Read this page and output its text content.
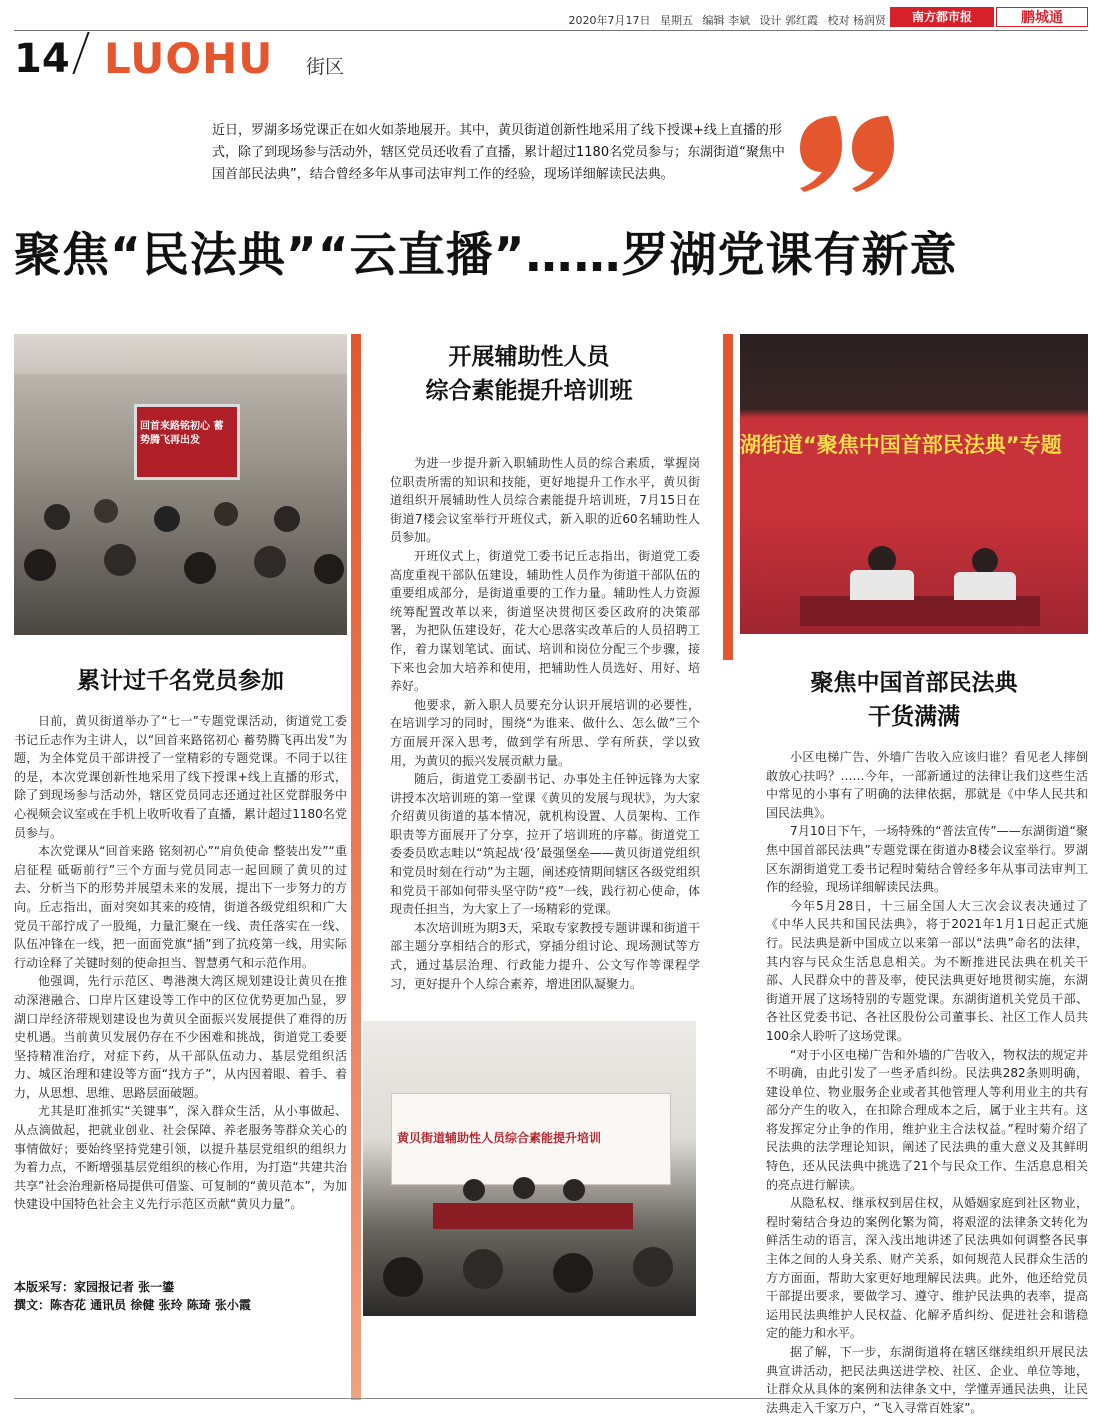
2020年7月17日 星期五 编辑 李斌 设计 郭红霞 校对 杨润贤	南方都市报	鹏城通
14 LUOHU 街区
近日，罗湖多场党课正在如火如荼地展开。其中，黄贝街道创新性地采用了线下授课+线上直播的形式，除了到现场参与活动外，辖区党员还收看了直播，累计超过1180名党员参与；东湖街道“聚焦中国首部民法典”，结合曾经多年从事司法审判工作的经验，现场详细解读民法典。
聚焦“民法典”“云直播”……罗湖党课有新意
回首来路铭初心 蓄势腾飞再出发	湖街道“聚焦中国首部民法典”专题
黄贝街道辅助性人员综合素能提升培训
累计过千名党员参加

日前，黄贝街道举办了“七一”专题党课活动，街道党工委书记丘志作为主讲人，以“回首来路铭初心 蓄势腾飞再出发”为题，为全体党员干部讲授了一堂精彩的专题党课。不同于以往的是，本次党课创新性地采用了线下授课+线上直播的形式，除了到现场参与活动外，辖区党员同志还通过社区党群服务中心视频会议室或在手机上收听收看了直播，累计超过1180名党员参与。

本次党课从“回首来路 铭刻初心”“肩负使命 整装出发”“重启征程 砥砺前行”三个方面与党员同志一起回顾了黄贝的过去、分析当下的形势并展望未来的发展，提出下一步努力的方向。丘志指出，面对突如其来的疫情，街道各级党组织和广大党员干部拧成了一股绳，力量汇聚在一线、责任落实在一线、队伍冲锋在一线，把一面面党旗“插”到了抗疫第一线，用实际行动诠释了关键时刻的使命担当、智慧勇气和示范作用。

他强调，先行示范区、粤港澳大湾区规划建设让黄贝在推动深港融合、口岸片区建设等工作中的区位优势更加凸显，罗湖口岸经济带规划建设也为黄贝全面振兴发展提供了难得的历史机遇。当前黄贝发展仍存在不少困难和挑战，街道党工委要坚持精准治疗，对症下药，从干部队伍动力、基层党组织活力、城区治理和建设等方面“找方子”，从内因着眼、着手、着力，从思想、思维、思路层面破题。

尤其是盯准抓实“关键事”，深入群众生活，从小事做起、从点滴做起，把就业创业、社会保障、养老服务等群众关心的事情做好；要始终坚持党建引领，以提升基层党组织的组织力为着力点，不断增强基层党组织的核心作用，为打造“共建共治共享”社会治理新格局提供可借鉴、可复制的“黄贝范本”，为加快建设中国特色社会主义先行示范区贡献“黄贝力量”。

本版采写：家园报记者 张一鎏
撰文：陈杏花 通讯员 徐健 张玲 陈琦 张小霞
开展辅助性人员
综合素能提升培训班

为进一步提升新入职辅助性人员的综合素质，掌握岗位职责所需的知识和技能，更好地提升工作水平，黄贝街道组织开展辅助性人员综合素能提升培训班，7月15日在街道7楼会议室举行开班仪式，新入职的近60名辅助性人员参加。

开班仪式上，街道党工委书记丘志指出，街道党工委高度重视干部队伍建设，辅助性人员作为街道干部队伍的重要组成部分，是街道重要的工作力量。辅助性人力资源统筹配置改革以来，街道坚决贯彻区委区政府的决策部署，为把队伍建设好，花大心思落实改革后的人员招聘工作，着力谋划笔试、面试、培训和岗位分配三个步骤，接下来也会加大培养和使用，把辅助性人员选好、用好、培养好。

他要求，新入职人员要充分认识开展培训的必要性，在培训学习的同时，围绕“为谁来、做什么、怎么做”三个方面展开深入思考，做到学有所思、学有所获，学以致用，为黄贝的振兴发展贡献力量。

随后，街道党工委副书记、办事处主任钟远锋为大家讲授本次培训班的第一堂课《黄贝的发展与现状》，为大家介绍黄贝街道的基本情况，就机构设置、人员架构、工作职责等方面展开了分享，拉开了培训班的序幕。街道党工委委员欧志畦以“筑起战‘役’最强堡垒——黄贝街道党组织和党员时刻在行动”为主题，阐述疫情期间辖区各级党组织和党员干部如何带头坚守防“疫”一线，践行初心使命，体现责任担当，为大家上了一场精彩的党课。

本次培训班为期3天，采取专家教授专题讲课和街道干部主题分享相结合的形式，穿插分组讨论、现场测试等方式，通过基层治理、行政能力提升、公文写作等课程学习，更好提升个人综合素养，增进团队凝聚力。

聚焦中国首部民法典
干货满满

小区电梯广告、外墙广告收入应该归谁？看见老人摔倒敢放心扶吗？……今年，一部新通过的法律让我们这些生活中常见的小事有了明确的法律依据，那就是《中华人民共和国民法典》。

7月10日下午，一场特殊的“普法宣传”——东湖街道“聚焦中国首部民法典”专题党课在街道办8楼会议室举行。罗湖区东湖街道党工委书记程时菊结合曾经多年从事司法审判工作的经验，现场详细解读民法典。

今年5月28日，十三届全国人大三次会议表决通过了《中华人民共和国民法典》，将于2021年1月1日起正式施行。民法典是新中国成立以来第一部以“法典”命名的法律，其内容与民众生活息息相关。为不断推进民法典在机关干部、人民群众中的普及率，使民法典更好地贯彻实施，东湖街道开展了这场特别的专题党课。东湖街道机关党员干部、各社区党委书记、各社区股份公司董事长、社区工作人员共100余人聆听了这场党课。

“对于小区电梯广告和外墙的广告收入，物权法的规定并不明确，由此引发了一些矛盾纠纷。民法典282条则明确，建设单位、物业服务企业或者其他管理人等利用业主的共有部分产生的收入，在扣除合理成本之后，属于业主共有。这将发挥定分止争的作用，维护业主合法权益。”程时菊介绍了民法典的法学理论知识，阐述了民法典的重大意义及其鲜明特色，还从民法典中挑选了21个与民众工作、生活息息相关的亮点进行解读。

从隐私权、继承权到居住权，从婚姻家庭到社区物业，程时菊结合身边的案例化繁为简，将艰涩的法律条文转化为鲜活生动的语言，深入浅出地讲述了民法典如何调整各民事主体之间的人身关系、财产关系，如何规范人民群众生活的方方面面，帮助大家更好地理解民法典。此外，他还给党员干部提出要求，要做学习、遵守、维护民法典的表率，提高运用民法典维护人民权益、化解矛盾纠纷、促进社会和谐稳定的能力和水平。

据了解，下一步，东湖街道将在辖区继续组织开展民法典宣讲活动，把民法典送进学校、社区、企业、单位等地，让群众从具体的案例和法律条文中，学懂弄通民法典，让民法典走入千家万户，“飞入寻常百姓家”。
